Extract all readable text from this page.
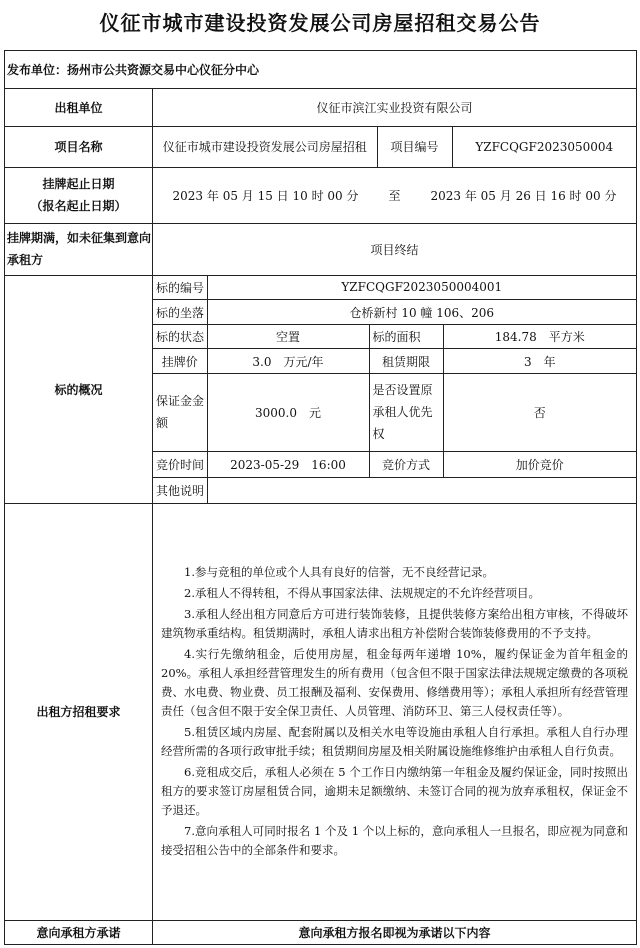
仪征市城市建设投资发展公司房屋招租交易公告

发布单位：扬州市公共资源交易中心仪征分中心
出租单位	仪征市滨江实业投资有限公司
项目名称		仪征市城市建设投资发展公司房屋招租	项目编号	YZFCQGF2023050004

挂牌起止日期
（报名起止日期）

2023 年 05 月 15 日 10 时 00 分	至	2023 年 05 月 26 日 16 时 00 分

挂牌期满，如未征集到意向承租方	项目终结
标的概况	
标的编号	YZFCQGF2023050004001
标的坐落	仓桥新村 10 幢 106、206
标的状态	空置	标的面积	184.78　平方米
挂牌价	3.0　万元/年	租赁期限	3　年
保证金金额	3000.0　元	是否设置原承租人优先权	否
竞价时间	2023-05-29　16:00	竞价方式	加价竞价
其他说明	

出租方招租要求	

1.参与竞租的单位或个人具有良好的信誉，无不良经营记录。

2.承租人不得转租，不得从事国家法律、法规规定的不允许经营项目。

3.承租人经出租方同意后方可进行装饰装修，且提供装修方案给出租方审核，不得破坏建筑物承重结构。租赁期满时，承租人请求出租方补偿附合装饰装修费用的不予支持。

4.实行先缴纳租金，后使用房屋，租金每两年递增 10%，履约保证金为首年租金的 20%。承租人承担经营管理发生的所有费用（包含但不限于国家法律法规规定缴费的各项税费、水电费、物业费、员工报酬及福利、安保费用、修缮费用等）；承租人承担所有经营管理责任（包含但不限于安全保卫责任、人员管理、消防环卫、第三人侵权责任等）。

5.租赁区域内房屋、配套附属以及相关水电等设施由承租人自行承担。承租人自行办理经营所需的各项行政审批手续；租赁期间房屋及相关附属设施维修维护由承租人自行负责。

6.竞租成交后，承租人必须在 5 个工作日内缴纳第一年租金及履约保证金，同时按照出租方的要求签订房屋租赁合同，逾期未足额缴纳、未签订合同的视为放弃承租权，保证金不予退还。

7.意向承租人可同时报名 1 个及 1 个以上标的，意向承租人一旦报名，即应视为同意和接受招租公告中的全部条件和要求。

意向承租方承诺	意向承租方报名即视为承诺以下内容
